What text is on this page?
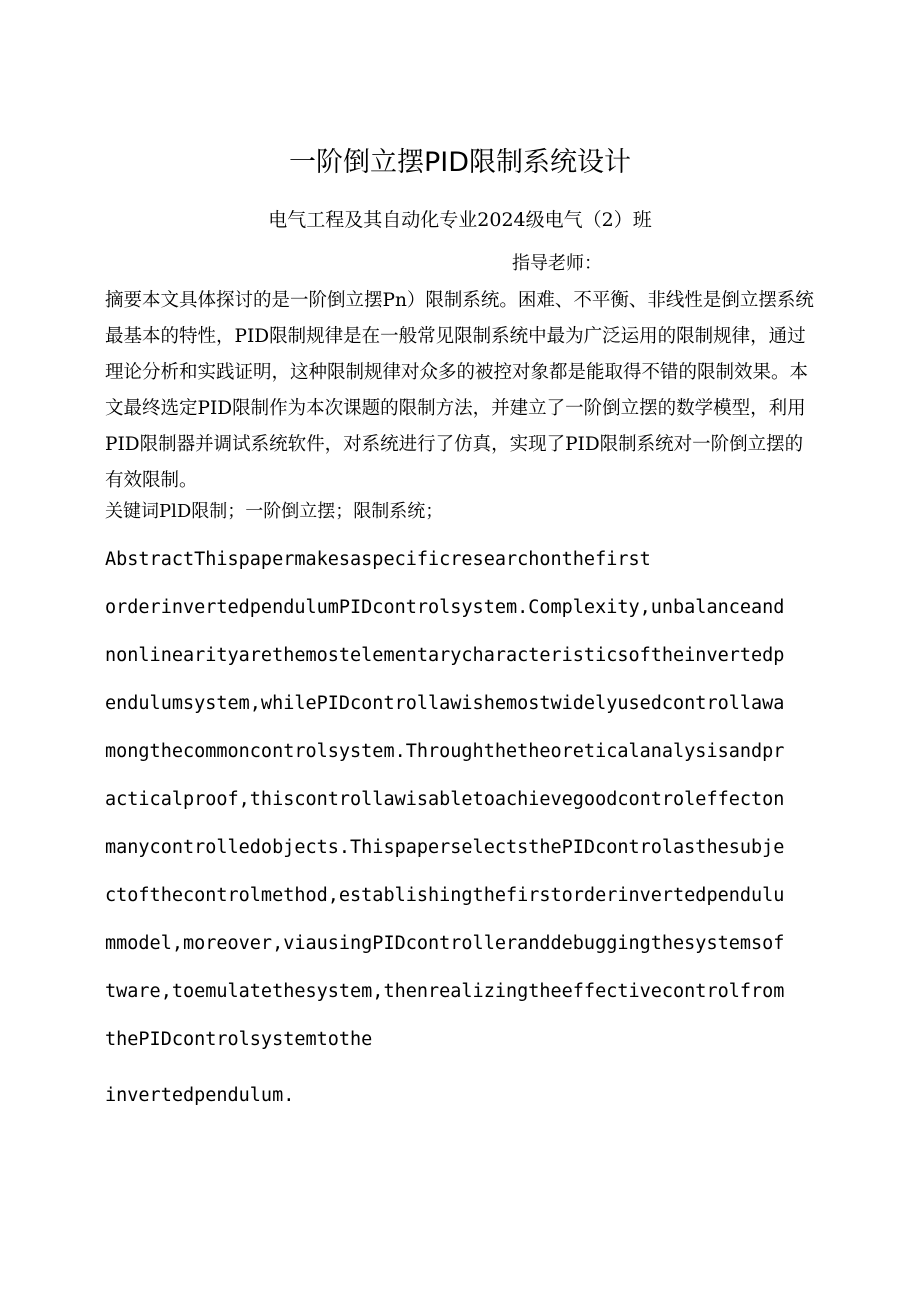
一阶倒立摆PID限制系统设计

电气工程及其自动化专业2024级电气（2）班

指导老师：

摘要本文具体探讨的是一阶倒立摆Pn）限制系统。困难、不平衡、非线性是倒立摆系统最基本的特性，PID限制规律是在一般常见限制系统中最为广泛运用的限制规律，通过理论分析和实践证明，这种限制规律对众多的被控对象都是能取得不错的限制效果。本文最终选定PID限制作为本次课题的限制方法，并建立了一阶倒立摆的数学模型，利用PID限制器并调试系统软件，对系统进行了仿真，实现了PID限制系统对一阶倒立摆的有效限制。

关键词PlD限制；一阶倒立摆；限制系统；

AbstractThispapermakesaspecificresearchonthefirst
orderinvertedpendulumPIDcontrolsystem.Complexity,unbalanceand
nonlinearityarethemostelementarycharacteristicsoftheinvertedp
endulumsystem,whilePIDcontrollawishemostwidelyusedcontrollawa
mongthecommoncontrolsystem.Throughthetheoreticalanalysisandpr
acticalproof,thiscontrollawisabletoachievegoodcontroleffecton
manycontrolledobjects.ThispaperselectsthePIDcontrolasthesubje
ctofthecontrolmethod,establishingthefirstorderinvertedpendulu
mmodel,moreover,viausingPIDcontrolleranddebuggingthesystemsof
tware,toemulatethesystem,thenrealizingtheeffectivecontrolfrom
thePIDcontrolsystemtothe
invertedpendulum.
